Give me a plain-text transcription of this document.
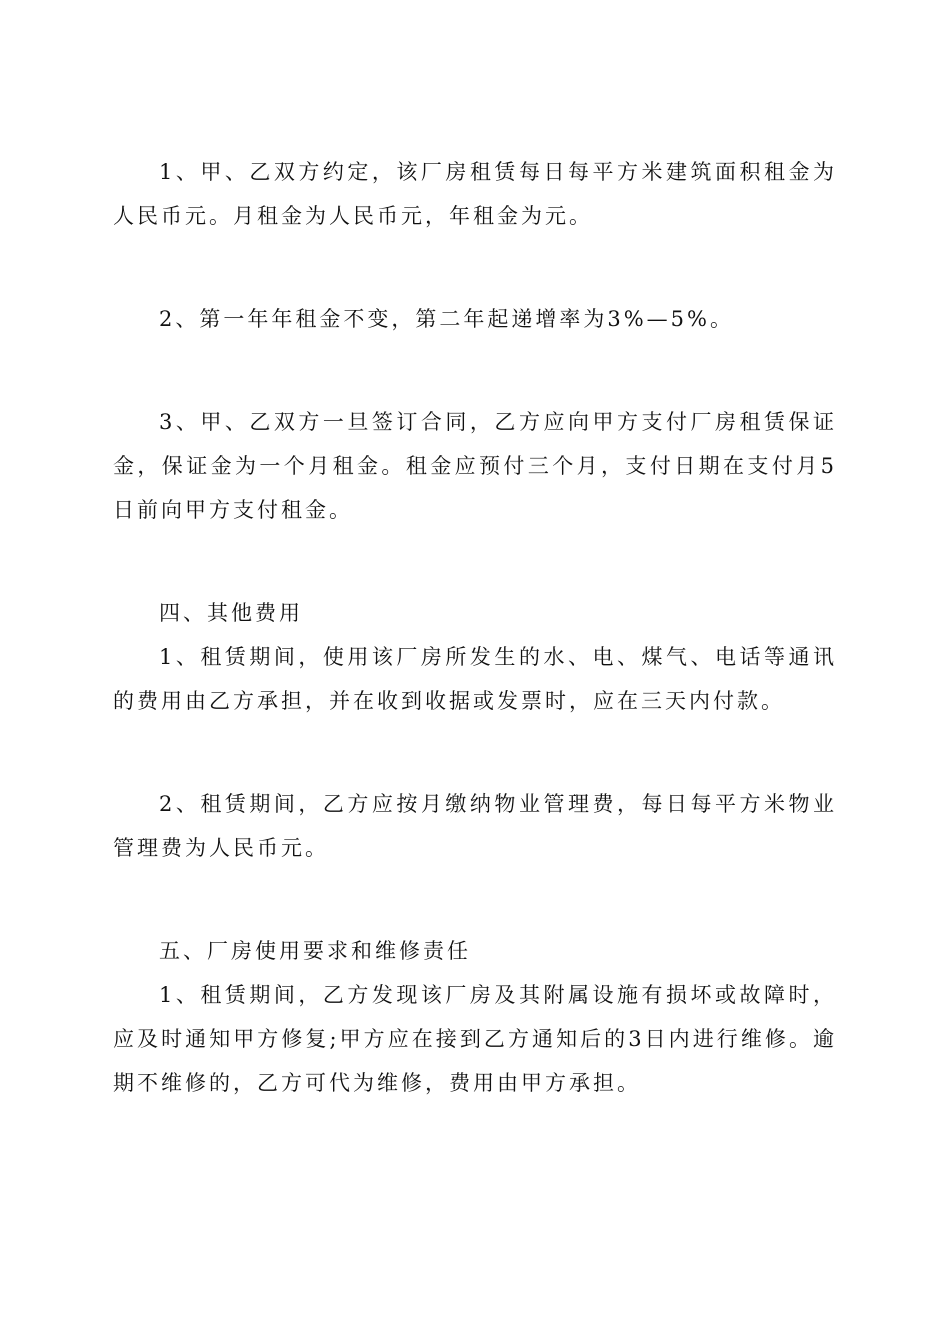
1、甲、乙双方约定，该厂房租赁每日每平方米建筑面积租金为人民币元。月租金为人民币元，年租金为元。

2、第一年年租金不变，第二年起递增率为3%—5%。

3、甲、乙双方一旦签订合同，乙方应向甲方支付厂房租赁保证金，保证金为一个月租金。租金应预付三个月，支付日期在支付月5日前向甲方支付租金。

四、其他费用

1、租赁期间，使用该厂房所发生的水、电、煤气、电话等通讯的费用由乙方承担，并在收到收据或发票时，应在三天内付款。

2、租赁期间，乙方应按月缴纳物业管理费，每日每平方米物业管理费为人民币元。

五、厂房使用要求和维修责任

1、租赁期间，乙方发现该厂房及其附属设施有损坏或故障时，应及时通知甲方修复;甲方应在接到乙方通知后的3日内进行维修。逾期不维修的，乙方可代为维修，费用由甲方承担。
